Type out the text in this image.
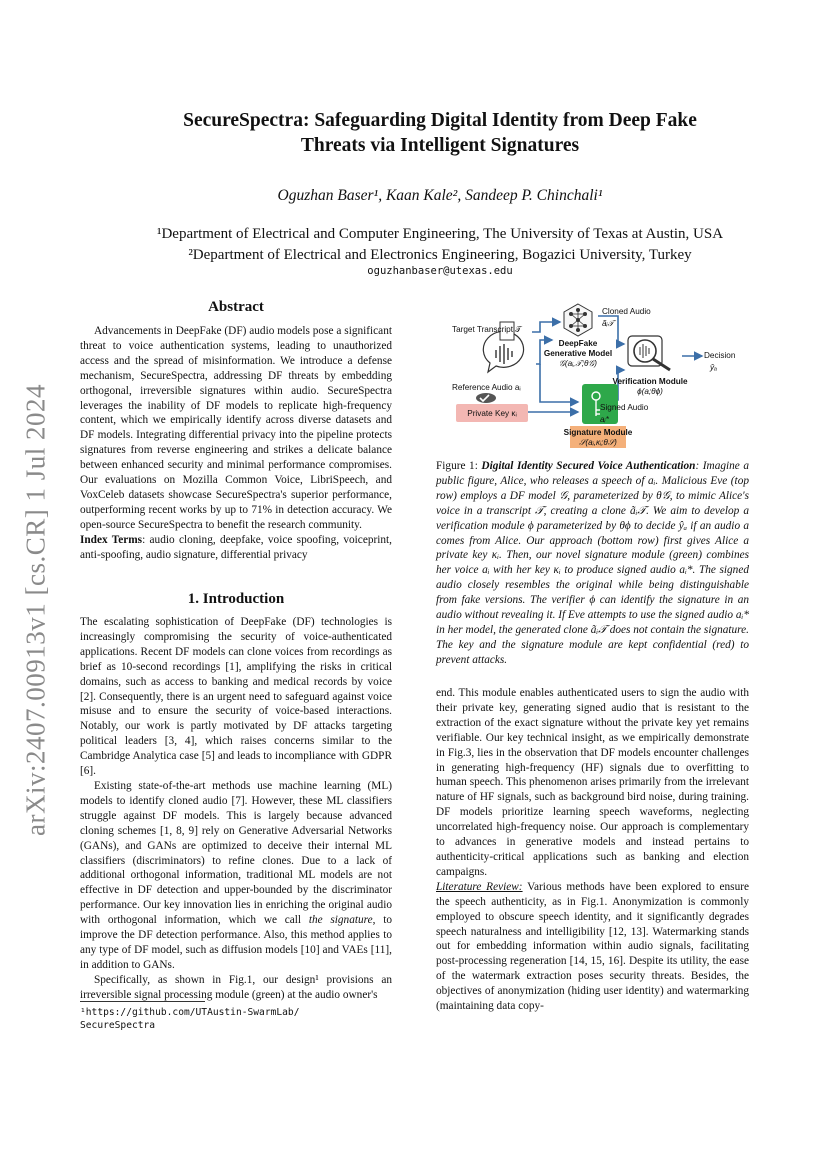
arXiv:2407.00913v1 [cs.CR] 1 Jul 2024
SecureSpectra: Safeguarding Digital Identity from Deep Fake Threats via Intelligent Signatures
Oguzhan Baser¹, Kaan Kale², Sandeep P. Chinchali¹
¹Department of Electrical and Computer Engineering, The University of Texas at Austin, USA
²Department of Electrical and Electronics Engineering, Bogazici University, Turkey
oguzhanbaser@utexas.edu
Abstract

Advancements in DeepFake (DF) audio models pose a significant threat to voice authentication systems, leading to unauthorized access and the spread of misinformation. We introduce a defense mechanism, SecureSpectra, addressing DF threats by embedding orthogonal, irreversible signatures within audio. SecureSpectra leverages the inability of DF models to replicate high-frequency content, which we empirically identify across diverse datasets and DF models. Integrating differential privacy into the pipeline protects signatures from reverse engineering and strikes a delicate balance between enhanced security and minimal performance compromises. Our evaluations on Mozilla Common Voice, LibriSpeech, and VoxCeleb datasets showcase SecureSpectra's superior performance, outperforming recent works by up to 71% in detection accuracy. We open-source SecureSpectra to benefit the research community.

Index Terms: audio cloning, deepfake, voice spoofing, voiceprint, anti-spoofing, audio signature, differential privacy

1. Introduction

The escalating sophistication of DeepFake (DF) technologies is increasingly compromising the security of voice-authenticated applications. Recent DF models can clone voices from recordings as brief as 10-second recordings [1], amplifying the risks in critical domains, such as access to banking and medical records by voice [2]. Consequently, there is an urgent need to safeguard against voice misuse and to ensure the security of voice-based interactions. Notably, our work is partly motivated by DF attacks targeting political leaders [3, 4], which raises concerns similar to the Cambridge Analytica case [5] and leads to incompliance with GDPR [6].

Existing state-of-the-art methods use machine learning (ML) models to identify cloned audio [7]. However, these ML classifiers struggle against DF models. This is largely because advanced cloning schemes [1, 8, 9] rely on Generative Adversarial Networks (GANs), and GANs are optimized to deceive their internal ML classifiers (discriminators) to refine clones. Due to a lack of additional orthogonal information, traditional ML models are not effective in DF detection and upper-bounded by the discriminator performance. Our key innovation lies in enriching the original audio with orthogonal information, which we call the signature, to improve the DF detection performance. Also, this method applies to any type of DF model, such as diffusion models [10] and VAEs [11], in addition to GANs.

Specifically, as shown in Fig.1, our design¹ provisions an irreversible signal processing module (green) at the audio owner's

¹https://github.com/UTAustin-SwarmLab/
SecureSpectra
Target Transcript 𝒯
Reference Audio aᵢ
Private Key κᵢ
DeepFake
Generative Model
𝒢(aᵢ,𝒯;θ𝒢)
Cloned Audio
ãᵢ𝒯
Verification Module
ϕ(a;θϕ)
Decision
ŷₐ
Signed Audio
aᵢ*
Signature Module
𝒮(aᵢ,κᵢ;θ𝒮)
Figure 1: Digital Identity Secured Voice Authentication: Imagine a public figure, Alice, who releases a speech of aᵢ. Malicious Eve (top row) employs a DF model 𝒢, parameterized by θ𝒢, to mimic Alice's voice in a transcript 𝒯, creating a clone ãᵢ𝒯. We aim to develop a verification module ϕ parameterized by θϕ to decide ŷₐ if an audio a comes from Alice. Our approach (bottom row) first gives Alice a private key κᵢ. Then, our novel signature module (green) combines her voice aᵢ with her key κᵢ to produce signed audio aᵢ*. The signed audio closely resembles the original while being distinguishable from fake versions. The verifier ϕ can identify the signature in an audio without revealing it. If Eve attempts to use the signed audio aᵢ* in her model, the generated clone ãᵢ𝒯 does not contain the signature. The key and the signature module are kept confidential (red) to prevent attacks.

end. This module enables authenticated users to sign the audio with their private key, generating signed audio that is resistant to the extraction of the exact signature without the private key yet remains verifiable. Our key technical insight, as we empirically demonstrate in Fig.3, lies in the observation that DF models encounter challenges in generating high-frequency (HF) signals due to overfitting to human speech. This phenomenon arises primarily from the irrelevant nature of HF signals, such as background bird noise, during training. DF models prioritize learning speech waveforms, neglecting uncorrelated high-frequency noise. Our approach is complementary to advances in generative models and instead pertains to authenticity-critical applications such as banking and election campaigns.

Literature Review: Various methods have been explored to ensure the speech authenticity, as in Fig.1. Anonymization is commonly employed to obscure speech identity, and it significantly degrades speech naturalness and intelligibility [12, 13]. Watermarking stands out for embedding information within audio signals, facilitating post-processing regeneration [14, 15, 16]. Despite its utility, the ease of the watermark extraction poses security threats. Besides, the objectives of anonymization (hiding user identity) and watermarking (maintaining data copy-
